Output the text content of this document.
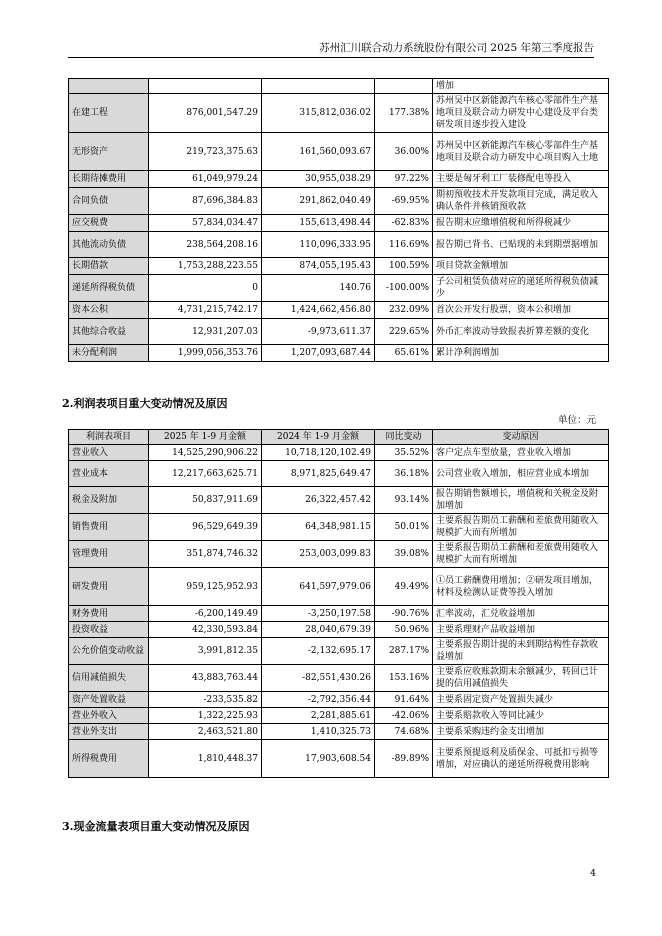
苏州汇川联合动力系统股份有限公司 2025 年第三季度报告
				增加
在建工程	876,001,547.29	315,812,036.02	177.38%	苏州吴中区新能源汽车核心零部件生产基地项目及联合动力研发中心建设及平台类研发项目逐步投入建设
无形资产	219,723,375.63	161,560,093.67	36.00%	苏州吴中区新能源汽车核心零部件生产基地项目及联合动力研发中心项目购入土地
长期待摊费用	61,049,979.24	30,955,038.29	97.22%	主要是匈牙利工厂装修配电等投入
合同负债	87,696,384.83	291,862,040.49	-69.95%	期初预收技术开发款项目完成，满足收入确认条件并核销预收款
应交税费	57,834,034.47	155,613,498.44	-62.83%	报告期末应缴增值税和所得税减少
其他流动负债	238,564,208.16	110,096,333.95	116.69%	报告期已背书、已贴现的未到期票据增加
长期借款	1,753,288,223.55	874,055,195.43	100.59%	项目贷款金额增加
递延所得税负债	0	140.76	-100.00%	子公司租赁负债对应的递延所得税负债减少
资本公积	4,731,215,742.17	1,424,662,456.80	232.09%	首次公开发行股票，资本公积增加
其他综合收益	12,931,207.03	-9,973,611.37	229.65%	外币汇率波动导致报表折算差额的变化
未分配利润	1,999,056,353.76	1,207,093,687.44	65.61%	累计净利润增加
2.利润表项目重大变动情况及原因
单位：元
利润表项目	2025 年 1-9 月金额	2024 年 1-9 月金额	同比变动	变动原因
营业收入	14,525,290,906.22	10,718,120,102.49	35.52%	客户定点车型放量，营业收入增加
营业成本	12,217,663,625.71	8,971,825,649.47	36.18%	公司营业收入增加，相应营业成本增加
税金及附加	50,837,911.69	26,322,457.42	93.14%	报告期销售额增长，增值税和关税金及附加增加
销售费用	96,529,649.39	64,348,981.15	50.01%	主要系报告期员工薪酬和差旅费用随收入规模扩大而有所增加
管理费用	351,874,746.32	253,003,099.83	39.08%	主要系报告期员工薪酬和差旅费用随收入规模扩大而有所增加
研发费用	959,125,952.93	641,597,979.06	49.49%	①员工薪酬费用增加；②研发项目增加，材料及检测认证费等投入增加
财务费用	-6,200,149.49	-3,250,197.58	-90.76%	汇率波动，汇兑收益增加
投资收益	42,330,593.84	28,040,679.39	50.96%	主要系理财产品收益增加
公允价值变动收益	3,991,812.35	-2,132,695.17	287.17%	主要系报告期计提的未到期结构性存款收益增加
信用减值损失	43,883,763.44	-82,551,430.26	153.16%	主要系应收账款期末余额减少，转回已计提的信用减值损失
资产处置收益	-233,535.82	-2,792,356.44	91.64%	主要系固定资产处置损失减少
营业外收入	1,322,225.93	2,281,885.61	-42.06%	主要系赔款收入等同比减少
营业外支出	2,463,521.80	1,410,325.73	74.68%	主要系采购违约金支出增加
所得税费用	1,810,448.37	17,903,608.54	-89.89%	主要系预提返利及质保金、可抵扣亏损等增加，对应确认的递延所得税费用影响
3.现金流量表项目重大变动情况及原因
4
